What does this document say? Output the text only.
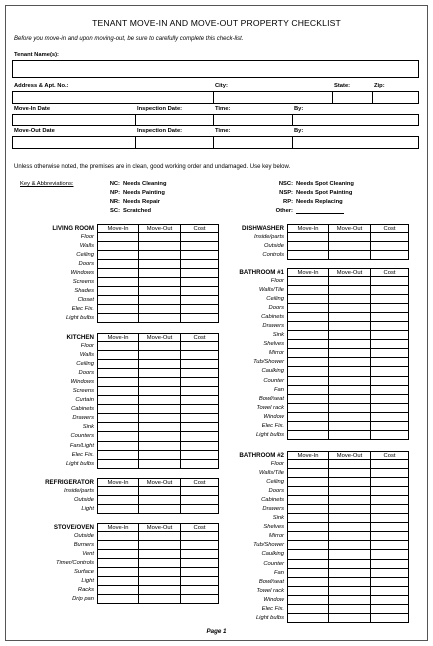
TENANT MOVE-IN AND MOVE-OUT PROPERTY CHECKLIST
Before you move-in and upon moving-out, be sure to carefully complete this check-list.
Tenant Name(s):
Address & Apt. No.:	City:	State:	Zip:
Move-In Date	Inspection Date:	Time:	By:
Move-Out Date	Inspection Date:	Time:	By:
Unless otherwise noted, the premises are in clean, good working order and undamaged. Use key below.
Key & Abbreviations:	NC: Needs Cleaning
NP: Needs Painting
NR: Needs Repair
SC: Scratched
NSC: Needs Spot Cleaning
NSP: Needs Spot Painting
RP: Needs Replacing
Other:
LIVING ROOM	Move-In	Move-Out	Cost
Floor
Walls
Ceiling
Doors
Windows
Screens
Shades
Closet
Elec Fix.
Light bulbs
KITCHEN	Move-In	Move-Out	Cost
Floor
Walls
Ceiling
Doors
Windows
Screens
Curtain
Cabinets
Drawers
Sink
Counters
Fan/Light
Elec Fix.
Light bulbs
REFRIGERATOR	Move-In	Move-Out	Cost
Inside/parts
Outside
Light
STOVE/OVEN	Move-In	Move-Out	Cost
Outside
Burners
Vent
Timer/Controls
Surface
Light
Racks
Drip pan
DISHWASHER	Move-In	Move-Out	Cost
Inside/parts
Outside
Controls
BATHROOM #1	Move-In	Move-Out	Cost
Floor
Walls/Tile
Ceiling
Doors
Cabinets
Drawers
Sink
Shelves
Mirror
Tub/Shower
Caulking
Counter
Fan
Bowl/seat
Towel rack
Window
Elec Fix.
Light bulbs
BATHROOM #2	Move-In	Move-Out	Cost
Floor
Walls/Tile
Ceiling
Doors
Cabinets
Drawers
Sink
Shelves
Mirror
Tub/Shower
Caulking
Counter
Fan
Bowl/seat
Towel rack
Window
Elec Fix.
Light bulbs
Page 1
